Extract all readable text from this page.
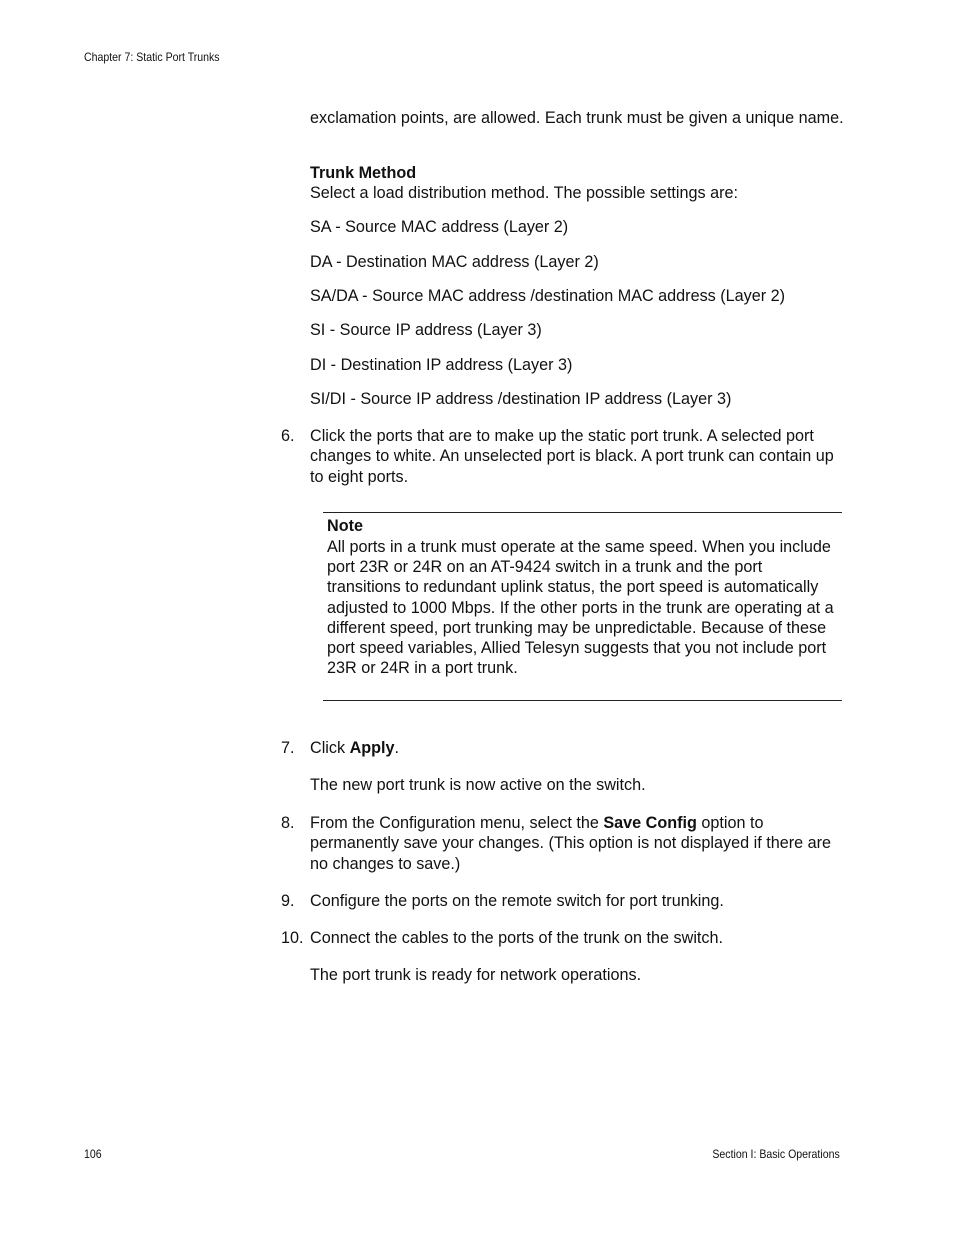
Chapter 7: Static Port Trunks

exclamation points, are allowed. Each trunk must be given a unique name.

Trunk Method
Select a load distribution method. The possible settings are:
SA - Source MAC address (Layer 2)
DA - Destination MAC address (Layer 2)
SA/DA - Source MAC address /destination MAC address (Layer 2)
SI - Source IP address (Layer 3)
DI - Destination IP address (Layer 3)
SI/DI - Source IP address /destination IP address (Layer 3)
6. Click the ports that are to make up the static port trunk. A selected port changes to white. An unselected port is black. A port trunk can contain up to eight ports.

Note

All ports in a trunk must operate at the same speed. When you include port 23R or 24R on an AT-9424 switch in a trunk and the port transitions to redundant uplink status, the port speed is automatically adjusted to 1000 Mbps. If the other ports in the trunk are operating at a different speed, port trunking may be unpredictable. Because of these port speed variables, Allied Telesyn suggests that you not include port 23R or 24R in a port trunk.

7. Click Apply.

The new port trunk is now active on the switch.

8. From the Configuration menu, select the Save Config option to permanently save your changes. (This option is not displayed if there are no changes to save.)

9. Configure the ports on the remote switch for port trunking.

10. Connect the cables to the ports of the trunk on the switch.

The port trunk is ready for network operations.

106	Section I: Basic Operations
